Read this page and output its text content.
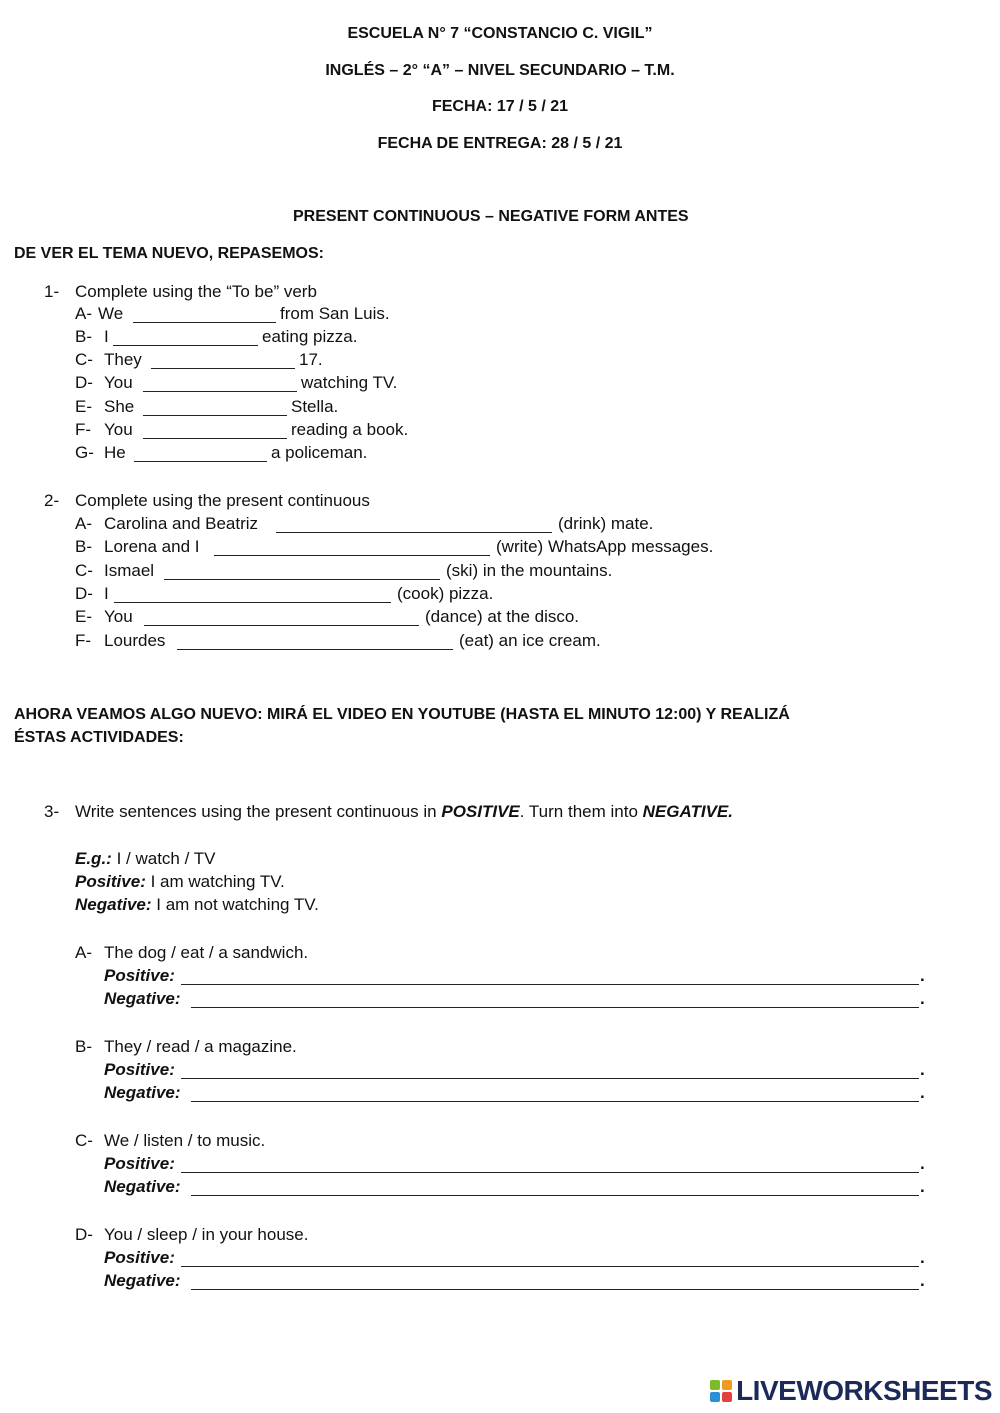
ESCUELA N° 7 “CONSTANCIO C. VIGIL”
INGLÉS – 2° “A” – NIVEL SECUNDARIO – T.M.
FECHA: 17 / 5 / 21
FECHA DE ENTREGA: 28 / 5 / 21
PRESENT CONTINUOUS – NEGATIVE FORM ANTES
DE VER EL TEMA NUEVO, REPASEMOS:
1- Complete using the “To be” verb
A- We	from San Luis.
B- I	eating pizza.
C- They	17.
D- You	watching TV.
E- She	Stella.
F- You	reading a book.
G- He	a policeman.
2- Complete using the present continuous
A- Carolina and Beatriz	(drink) mate.
B- Lorena and I	(write) WhatsApp messages.
C- Ismael	(ski) in the mountains.
D- I	(cook) pizza.
E- You	(dance) at the disco.
F- Lourdes	(eat) an ice cream.
AHORA VEAMOS ALGO NUEVO: MIRÁ EL VIDEO EN YOUTUBE (HASTA EL MINUTO 12:00) Y REALIZÁ
ÉSTAS ACTIVIDADES:
3- Write sentences using the present continuous in POSITIVE. Turn them into NEGATIVE.
E.g.: I / watch / TV
Positive: I am watching TV.
Negative: I am not watching TV.
A- The dog / eat / a sandwich.
Positive:	.
Negative:	.
B- They / read / a magazine.
Positive:	.
Negative:	.
C- We / listen / to music.
Positive:	.
Negative:	.
D- You / sleep / in your house.
Positive:	.
Negative:	.
LIVEWORKSHEETS
